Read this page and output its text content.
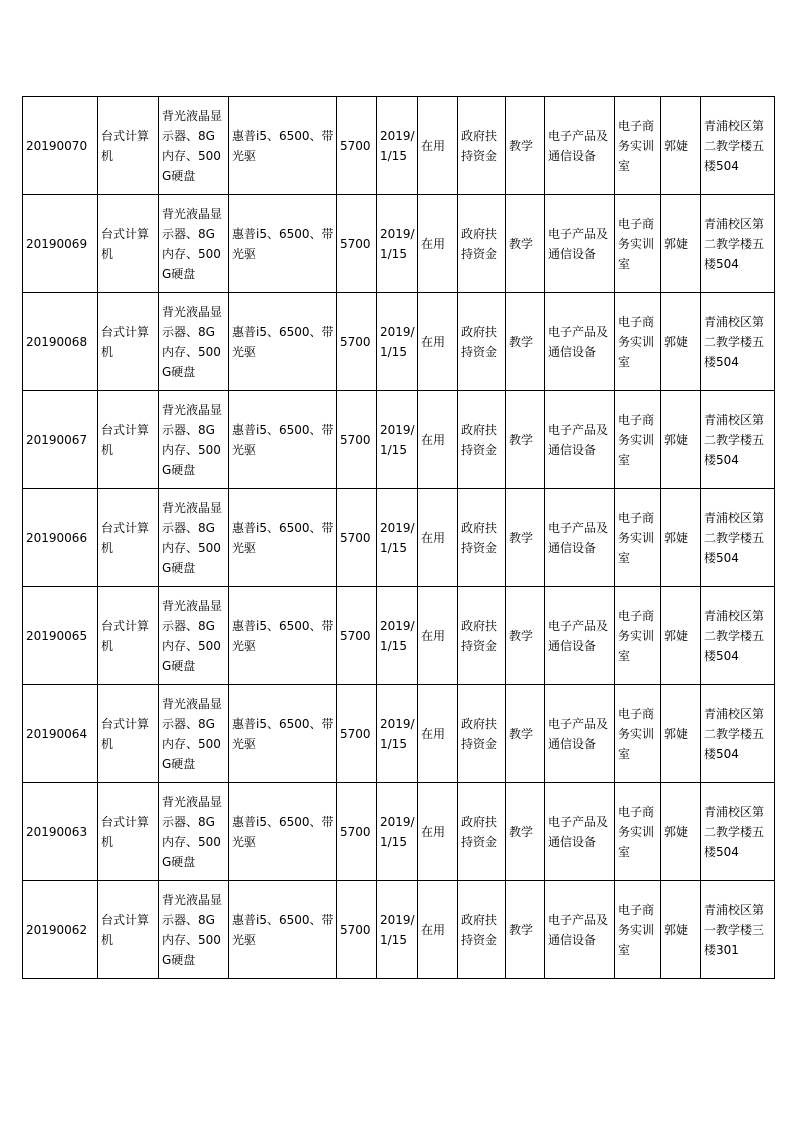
20190070	台式计算机	背光液晶显示器、8G内存、500G硬盘	惠普i5、6500、带光驱	5700	2019/1/15	在用	政府扶持资金	教学	电子产品及通信设备	电子商务实训室	郭婕	青浦校区第二教学楼五楼504
20190069	台式计算机	背光液晶显示器、8G内存、500G硬盘	惠普i5、6500、带光驱	5700	2019/1/15	在用	政府扶持资金	教学	电子产品及通信设备	电子商务实训室	郭婕	青浦校区第二教学楼五楼504
20190068	台式计算机	背光液晶显示器、8G内存、500G硬盘	惠普i5、6500、带光驱	5700	2019/1/15	在用	政府扶持资金	教学	电子产品及通信设备	电子商务实训室	郭婕	青浦校区第二教学楼五楼504
20190067	台式计算机	背光液晶显示器、8G内存、500G硬盘	惠普i5、6500、带光驱	5700	2019/1/15	在用	政府扶持资金	教学	电子产品及通信设备	电子商务实训室	郭婕	青浦校区第二教学楼五楼504
20190066	台式计算机	背光液晶显示器、8G内存、500G硬盘	惠普i5、6500、带光驱	5700	2019/1/15	在用	政府扶持资金	教学	电子产品及通信设备	电子商务实训室	郭婕	青浦校区第二教学楼五楼504
20190065	台式计算机	背光液晶显示器、8G内存、500G硬盘	惠普i5、6500、带光驱	5700	2019/1/15	在用	政府扶持资金	教学	电子产品及通信设备	电子商务实训室	郭婕	青浦校区第二教学楼五楼504
20190064	台式计算机	背光液晶显示器、8G内存、500G硬盘	惠普i5、6500、带光驱	5700	2019/1/15	在用	政府扶持资金	教学	电子产品及通信设备	电子商务实训室	郭婕	青浦校区第二教学楼五楼504
20190063	台式计算机	背光液晶显示器、8G内存、500G硬盘	惠普i5、6500、带光驱	5700	2019/1/15	在用	政府扶持资金	教学	电子产品及通信设备	电子商务实训室	郭婕	青浦校区第二教学楼五楼504
20190062	台式计算机	背光液晶显示器、8G内存、500G硬盘	惠普i5、6500、带光驱	5700	2019/1/15	在用	政府扶持资金	教学	电子产品及通信设备	电子商务实训室	郭婕	青浦校区第一教学楼三楼301
